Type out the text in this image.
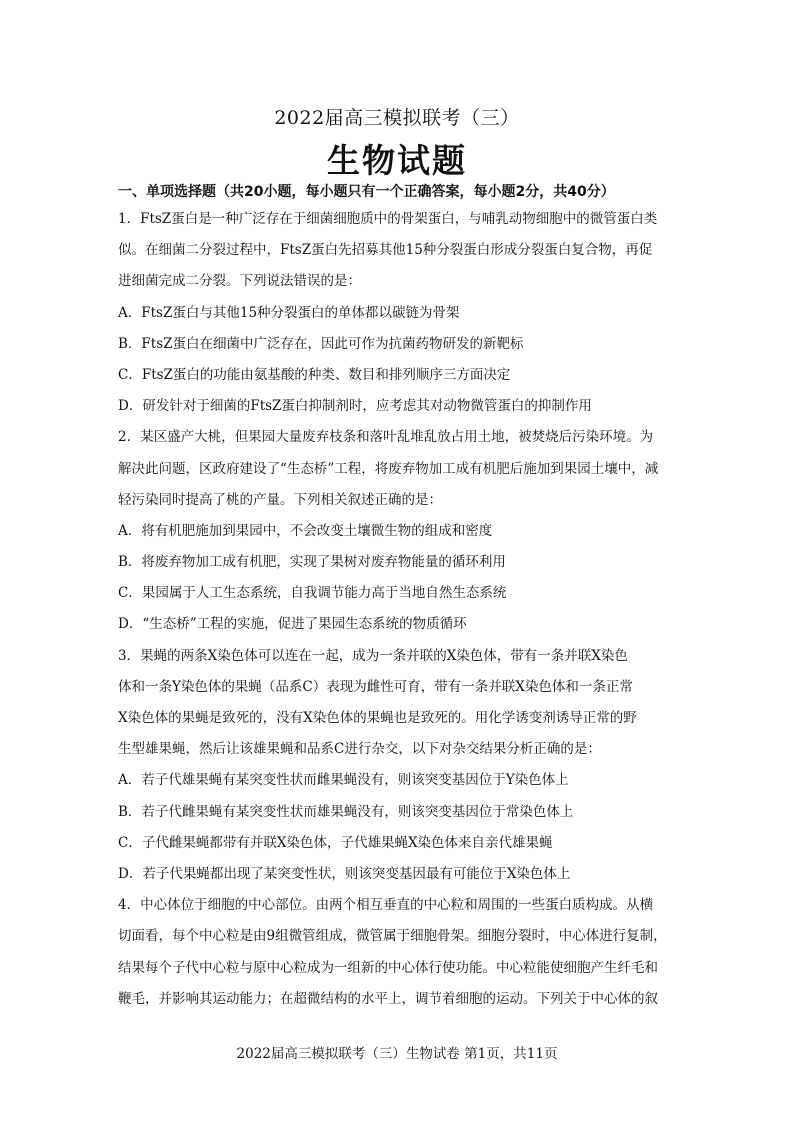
2022届高三模拟联考（三）
生物试题
一、单项选择题（共20小题，每小题只有一个正确答案，每小题2分，共40分）
1．FtsZ蛋白是一种广泛存在于细菌细胞质中的骨架蛋白，与哺乳动物细胞中的微管蛋白类
似。在细菌二分裂过程中，FtsZ蛋白先招募其他15种分裂蛋白形成分裂蛋白复合物，再促
进细菌完成二分裂。下列说法错误的是：
A．FtsZ蛋白与其他15种分裂蛋白的单体都以碳链为骨架
B．FtsZ蛋白在细菌中广泛存在，因此可作为抗菌药物研发的新靶标
C．FtsZ蛋白的功能由氨基酸的种类、数目和排列顺序三方面决定
D．研发针对于细菌的FtsZ蛋白抑制剂时，应考虑其对动物微管蛋白的抑制作用
2．某区盛产大桃，但果园大量废弃枝条和落叶乱堆乱放占用土地，被焚烧后污染环境。为
解决此问题，区政府建设了“生态桥”工程，将废弃物加工成有机肥后施加到果园土壤中，减
轻污染同时提高了桃的产量。下列相关叙述正确的是：
A．将有机肥施加到果园中，不会改变土壤微生物的组成和密度
B．将废弃物加工成有机肥，实现了果树对废弃物能量的循环利用
C．果园属于人工生态系统，自我调节能力高于当地自然生态系统
D．“生态桥”工程的实施，促进了果园生态系统的物质循环
3．果蝇的两条X染色体可以连在一起，成为一条并联的X染色体，带有一条并联X染色
体和一条Y染色体的果蝇（品系C）表现为雌性可育，带有一条并联X染色体和一条正常
X染色体的果蝇是致死的，没有X染色体的果蝇也是致死的。用化学诱变剂诱导正常的野
生型雄果蝇，然后让该雄果蝇和品系C进行杂交，以下对杂交结果分析正确的是：
A．若子代雄果蝇有某突变性状而雌果蝇没有，则该突变基因位于Y染色体上
B．若子代雌果蝇有某突变性状而雄果蝇没有，则该突变基因位于常染色体上
C．子代雌果蝇都带有并联X染色体，子代雄果蝇X染色体来自亲代雄果蝇
D．若子代果蝇都出现了某突变性状，则该突变基因最有可能位于X染色体上
4．中心体位于细胞的中心部位。由两个相互垂直的中心粒和周围的一些蛋白质构成。从横
切面看，每个中心粒是由9组微管组成，微管属于细胞骨架。细胞分裂时，中心体进行复制，
结果每个子代中心粒与原中心粒成为一组新的中心体行使功能。中心粒能使细胞产生纤毛和
鞭毛，并影响其运动能力；在超微结构的水平上，调节着细胞的运动。下列关于中心体的叙
2022届高三模拟联考（三）生物试卷 第1页，共11页
